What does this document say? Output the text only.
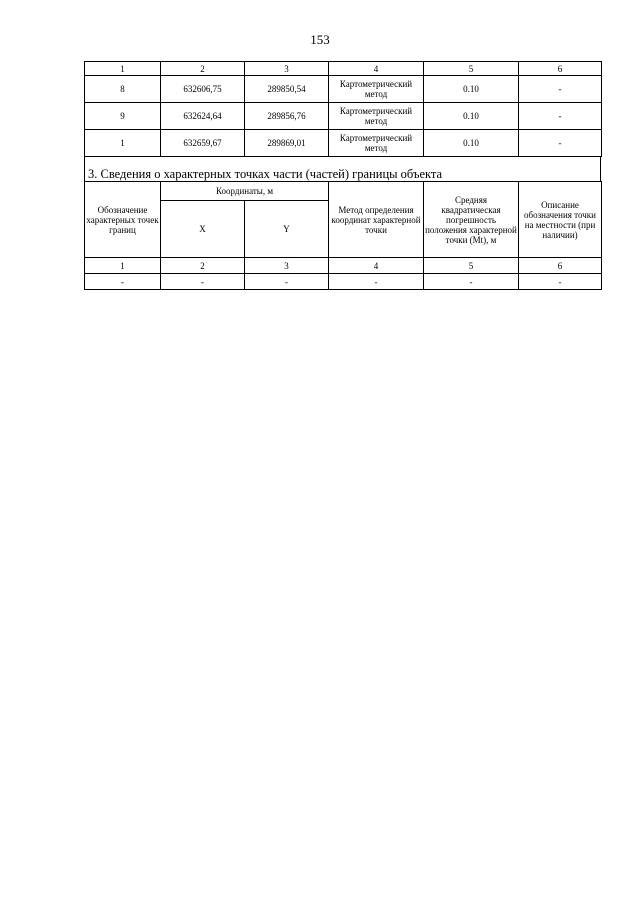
153
1	2	3	4	5	6
8	632606,75	289850,54	Картометрический метод	0.10	-
9	632624,64	289856,76	Картометрический метод	0.10	-
1	632659,67	289869,01	Картометрический метод	0.10	-
3. Сведения о характерных точках части (частей) границы объекта
Обозначение характерных точек границ	Координаты, м		Метод определения координат характерной точки	Средняя квадратическая погрешность положения характерной точки (Мt), м	Описание обозначения точки на местности (при наличии)
	X	Y			
1	2	3	4	5	6
-	-	-	-	-	-
